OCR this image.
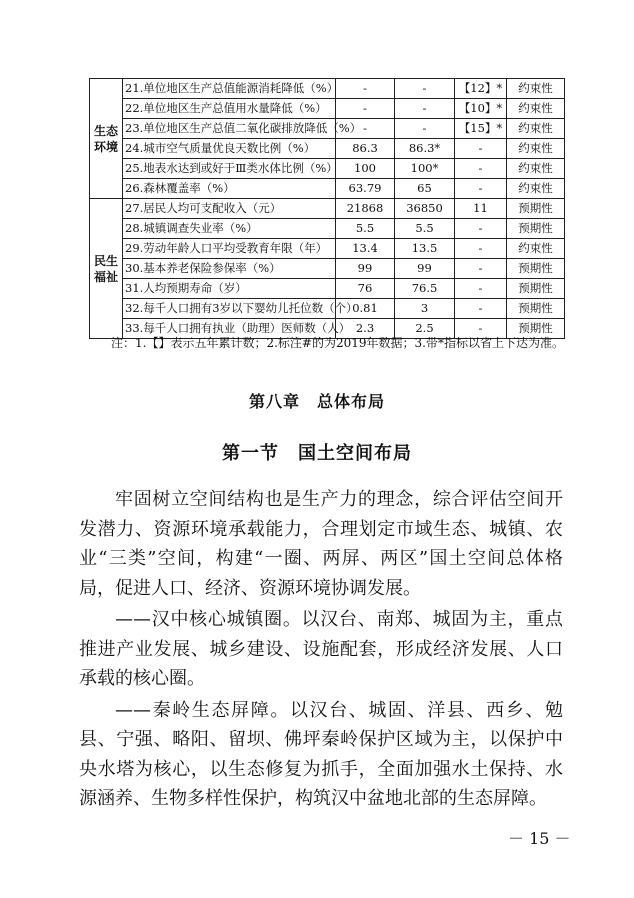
生态
环境	21.单位地区生产总值能源消耗降低（%）	-	-	【12】*	约束性
	22.单位地区生产总值用水量降低（%）	-	-	【10】*	约束性
	23.单位地区生产总值二氧化碳排放降低（%）	-	-	【15】*	约束性
	24.城市空气质量优良天数比例（%）	86.3	86.3*	-	约束性
	25.地表水达到或好于Ⅲ类水体比例（%）	100	100*	-	约束性
	26.森林覆盖率（%）	63.79	65	-	约束性

民生
福祉	27.居民人均可支配收入（元）	21868	36850	11	预期性
	28.城镇调查失业率（%）	5.5	5.5	-	预期性
	29.劳动年龄人口平均受教育年限（年）	13.4	13.5	-	约束性
	30.基本养老保险参保率（%）	99	99	-	预期性
	31.人均预期寿命（岁）	76	76.5	-	预期性
	32.每千人口拥有3岁以下婴幼儿托位数（个）	0.81	3	-	预期性
	33.每千人口拥有执业（助理）医师数（人）	2.3	2.5	-	预期性
注：1.【】表示五年累计数；2.标注#的为2019年数据；3.带*指标以省上下达为准。
第八章　总体布局
第一节　国土空间布局

牢固树立空间结构也是生产力的理念，综合评估空间开发潜力、资源环境承载能力，合理划定市域生态、城镇、农业“三类”空间，构建“一圈、两屏、两区”国土空间总体格局，促进人口、经济、资源环境协调发展。

——汉中核心城镇圈。以汉台、南郑、城固为主，重点推进产业发展、城乡建设、设施配套，形成经济发展、人口承载的核心圈。

——秦岭生态屏障。以汉台、城固、洋县、西乡、勉县、宁强、略阳、留坝、佛坪秦岭保护区域为主，以保护中央水塔为核心，以生态修复为抓手，全面加强水土保持、水源涵养、生物多样性保护，构筑汉中盆地北部的生态屏障。

－ 15 －
